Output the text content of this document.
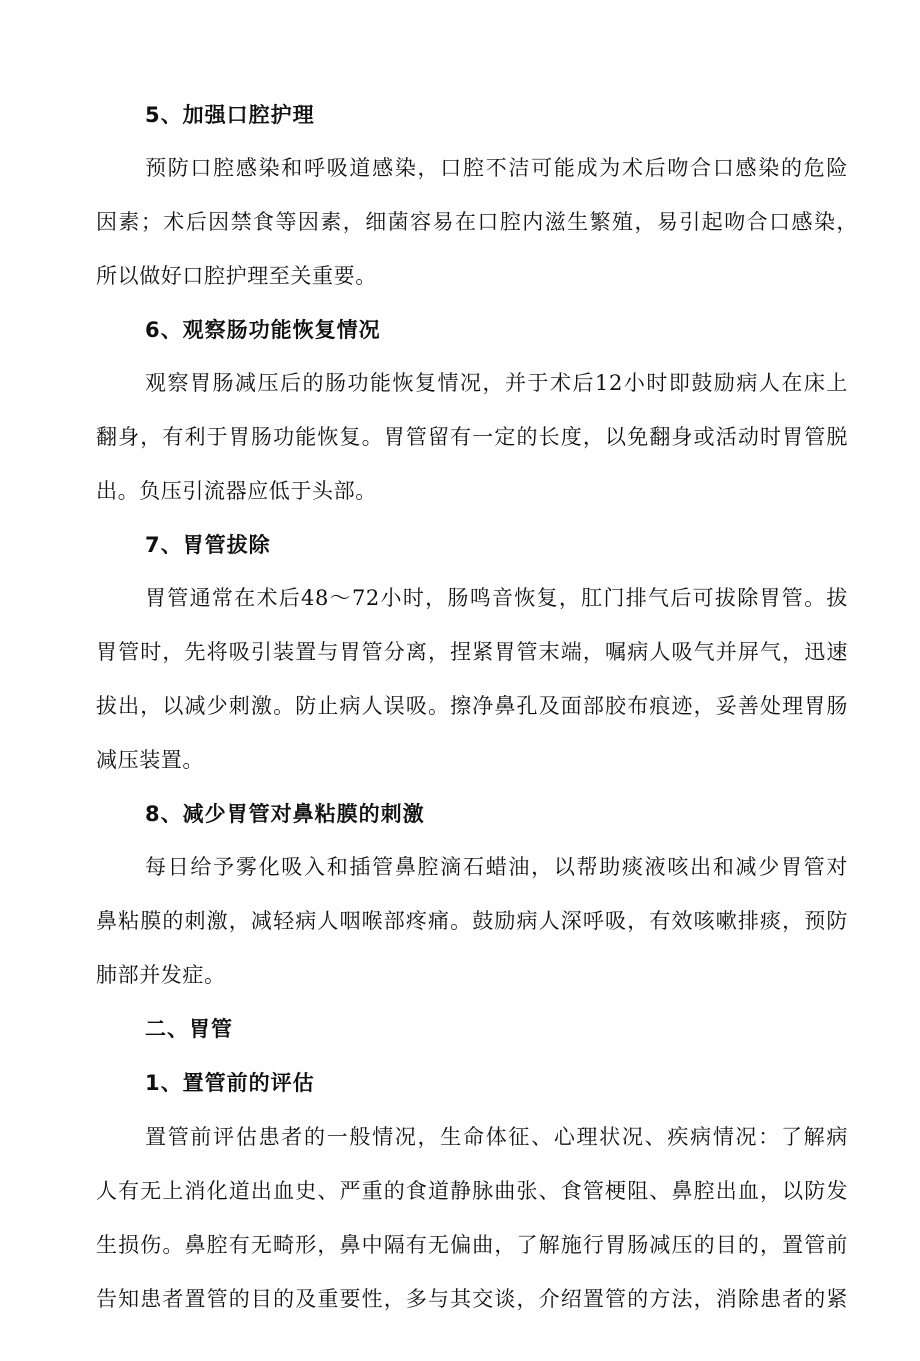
5、加强口腔护理
预防口腔感染和呼吸道感染，口腔不洁可能成为术后吻合口感染的危险
因素；术后因禁食等因素，细菌容易在口腔内滋生繁殖，易引起吻合口感染，
所以做好口腔护理至关重要。
6、观察肠功能恢复情况
观察胃肠减压后的肠功能恢复情况，并于术后12小时即鼓励病人在床上
翻身，有利于胃肠功能恢复。胃管留有一定的长度，以免翻身或活动时胃管脱
出。负压引流器应低于头部。
7、胃管拔除
胃管通常在术后48～72小时，肠鸣音恢复，肛门排气后可拔除胃管。拔
胃管时，先将吸引装置与胃管分离，捏紧胃管末端，嘱病人吸气并屏气，迅速
拔出，以减少刺激。防止病人误吸。擦净鼻孔及面部胶布痕迹，妥善处理胃肠
减压装置。
8、减少胃管对鼻粘膜的刺激
每日给予雾化吸入和插管鼻腔滴石蜡油，以帮助痰液咳出和减少胃管对
鼻粘膜的刺激，减轻病人咽喉部疼痛。鼓励病人深呼吸，有效咳嗽排痰，预防
肺部并发症。
二、胃管
1、置管前的评估
置管前评估患者的一般情况，生命体征、心理状况、疾病情况：了解病
人有无上消化道出血史、严重的食道静脉曲张、食管梗阻、鼻腔出血，以防发
生损伤。鼻腔有无畸形，鼻中隔有无偏曲，了解施行胃肠减压的目的，置管前
告知患者置管的目的及重要性，多与其交谈，介绍置管的方法，消除患者的紧
